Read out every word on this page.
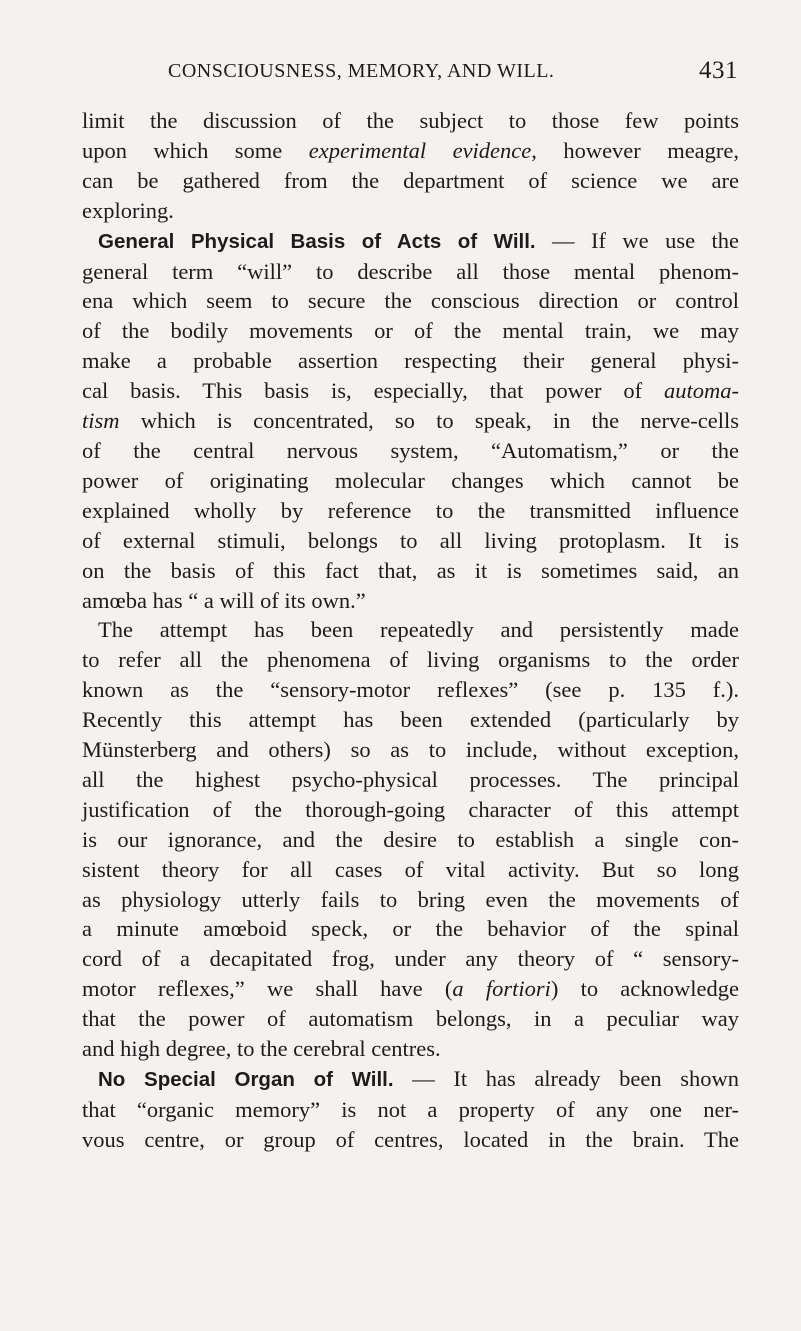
CONSCIOUSNESS, MEMORY, AND WILL.	431

limit the discussion of the subject to those few points
upon which some experimental evidence, however meagre,
can be gathered from the department of science we are
exploring.

General Physical Basis of Acts of Will. — If we use the
general term “will” to describe all those mental phenom-
ena which seem to secure the conscious direction or control
of the bodily movements or of the mental train, we may
make a probable assertion respecting their general physi-
cal basis. This basis is, especially, that power of automa-
tism which is concentrated, so to speak, in the nerve-cells
of the central nervous system, “Automatism,” or the
power of originating molecular changes which cannot be
explained wholly by reference to the transmitted influence
of external stimuli, belongs to all living protoplasm. It is
on the basis of this fact that, as it is sometimes said, an
amœba has “ a will of its own.”

The attempt has been repeatedly and persistently made
to refer all the phenomena of living organisms to the order
known as the “sensory-motor reflexes” (see p. 135 f.).
Recently this attempt has been extended (particularly by
Münsterberg and others) so as to include, without exception,
all the highest psycho-physical processes. The principal
justification of the thorough-going character of this attempt
is our ignorance, and the desire to establish a single con-
sistent theory for all cases of vital activity. But so long
as physiology utterly fails to bring even the movements of
a minute amœboid speck, or the behavior of the spinal
cord of a decapitated frog, under any theory of “ sensory-
motor reflexes,” we shall have (a fortiori) to acknowledge
that the power of automatism belongs, in a peculiar way
and high degree, to the cerebral centres.

No Special Organ of Will. — It has already been shown
that “organic memory” is not a property of any one ner-
vous centre, or group of centres, located in the brain. The
